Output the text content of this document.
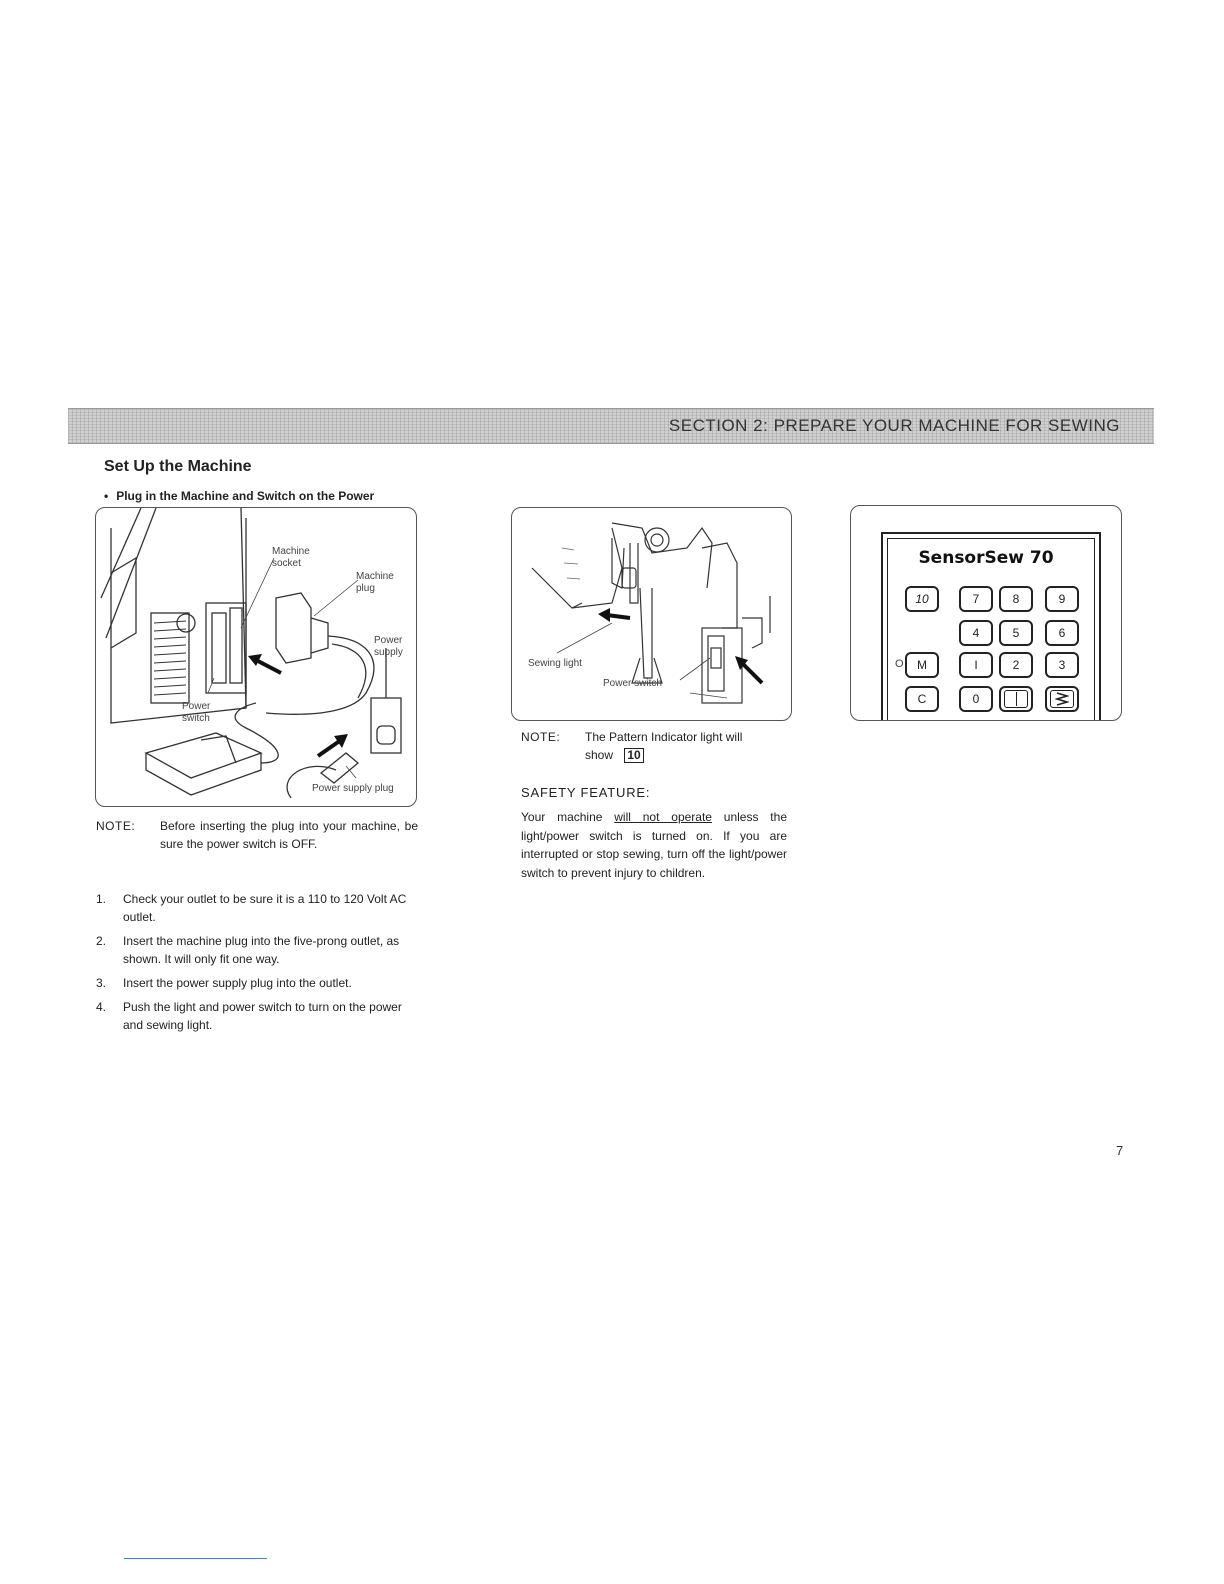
SECTION 2: PREPARE YOUR MACHINE FOR SEWING
Set Up the Machine
• Plug in the Machine and Switch on the Power
Machine
socket
Machine
plug
Power
supply
Power
switch
Power supply plug
NOTE: Before inserting the plug into your machine, be sure the power switch is OFF.
1. Check your outlet to be sure it is a 110 to 120 Volt AC outlet.
2. Insert the machine plug into the five-prong outlet, as shown. It will only fit one way.
3. Insert the power supply plug into the outlet.
4. Push the light and power switch to turn on the power and sewing light.
Sewing light
Power switch
NOTE: The Pattern Indicator light will
show 10
SAFETY FEATURE:
Your machine will not operate unless the light/power switch is turned on. If you are interrupted or stop sewing, turn off the light/power switch to prevent injury to children.
SensorSew 70
10	7	8	9
4	5	6
O	M	I	2	3
C	0
7
